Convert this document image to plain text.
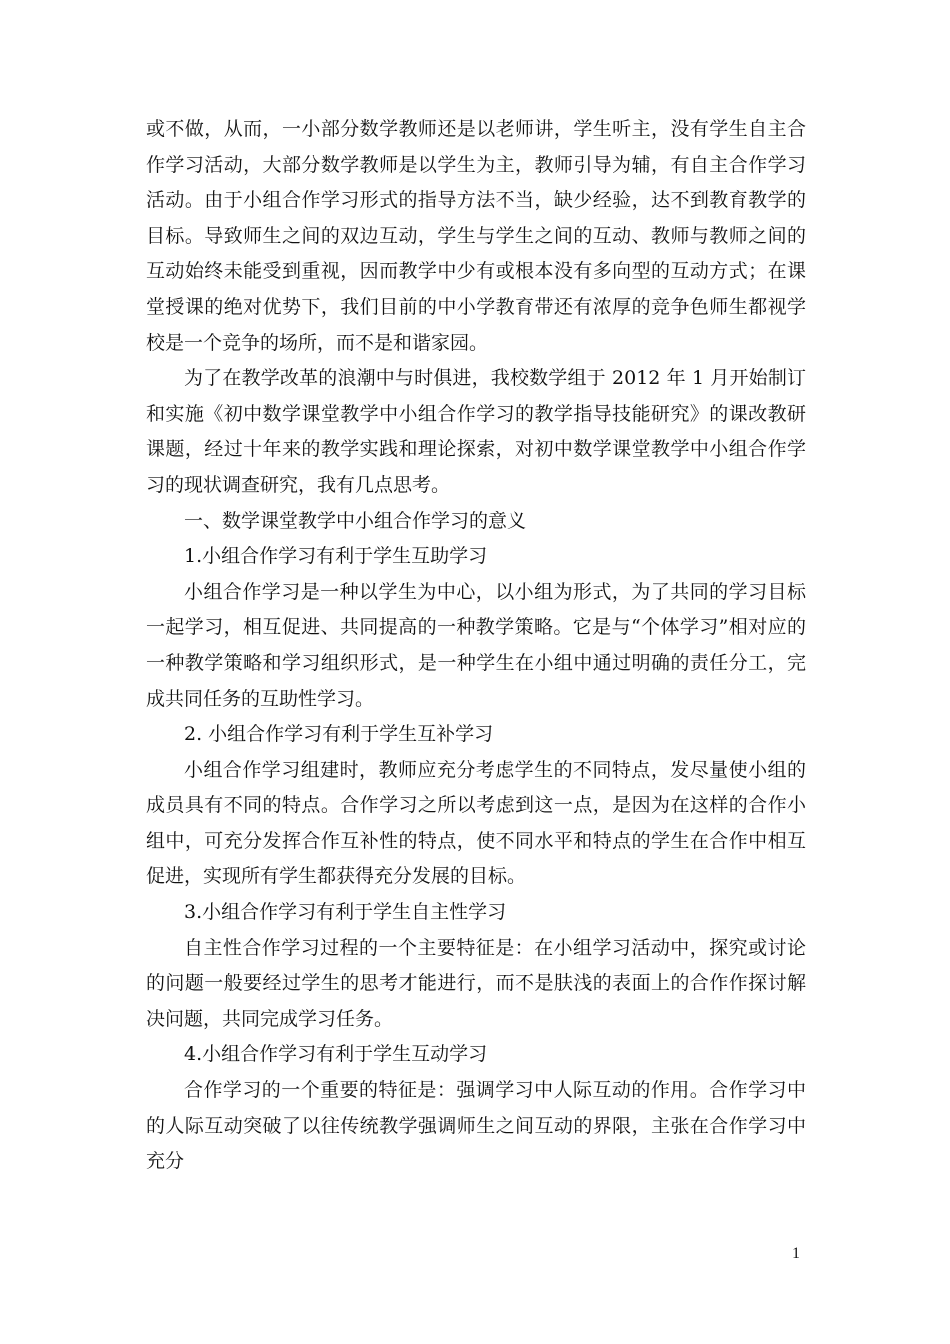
或不做，从而，一小部分数学教师还是以老师讲，学生听主，没有学生自主合作学习活动，大部分数学教师是以学生为主，教师引导为辅，有自主合作学习活动。由于小组合作学习形式的指导方法不当，缺少经验，达不到教育教学的目标。导致师生之间的双边互动，学生与学生之间的互动、教师与教师之间的互动始终未能受到重视，因而教学中少有或根本没有多向型的互动方式；在课堂授课的绝对优势下，我们目前的中小学教育带还有浓厚的竞争色师生都视学校是一个竞争的场所，而不是和谐家园。

为了在教学改革的浪潮中与时俱进，我校数学组于 2012 年 1 月开始制订和实施《初中数学课堂教学中小组合作学习的教学指导技能研究》的课改教研课题，经过十年来的教学实践和理论探索，对初中数学课堂教学中小组合作学习的现状调查研究，我有几点思考。

一、数学课堂教学中小组合作学习的意义

1.小组合作学习有利于学生互助学习

小组合作学习是一种以学生为中心，以小组为形式，为了共同的学习目标一起学习，相互促进、共同提高的一种教学策略。它是与“个体学习”相对应的一种教学策略和学习组织形式，是一种学生在小组中通过明确的责任分工，完成共同任务的互助性学习。

2. 小组合作学习有利于学生互补学习

小组合作学习组建时，教师应充分考虑学生的不同特点，发尽量使小组的成员具有不同的特点。合作学习之所以考虑到这一点，是因为在这样的合作小组中，可充分发挥合作互补性的特点，使不同水平和特点的学生在合作中相互促进，实现所有学生都获得充分发展的目标。

3.小组合作学习有利于学生自主性学习

自主性合作学习过程的一个主要特征是：在小组学习活动中，探究或讨论的问题一般要经过学生的思考才能进行，而不是肤浅的表面上的合作作探讨解决问题，共同完成学习任务。

4.小组合作学习有利于学生互动学习

合作学习的一个重要的特征是：强调学习中人际互动的作用。合作学习中的人际互动突破了以往传统教学强调师生之间互动的界限，主张在合作学习中充分

1
